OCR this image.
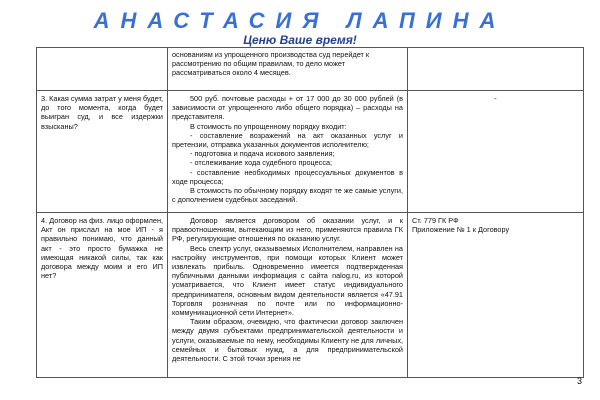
АНАСТАСИЯ ЛАПИНА
Ценю Ваше время!

основаниям из упрощенного производства суд перейдет к

рассмотрению по общим правилам, то дело может

рассматриваться около 4 месяцев.

3. Какая сумма затрат у меня будет, до того момента, когда будет выигран суд, и все издержки взысканы?

500 руб. почтовые расходы + от 17 000 до 30 000 рублей (в зависимости от упрощенного либо общего порядка) – расходы на представителя.

В стоимость по упрощенному порядку входит:

- составление возражений на акт оказанных услуг и претензии, отправка указанных документов исполнителю;

- подготовка и подача искового заявления;

- отслеживание хода судебного процесса;

- составление необходимых процессуальных документов в ходе процесса;

В стоимость по обычному порядку входят те же самые услуги, с дополнением судебных заседаний.

-
4. Договор на физ. лицо оформлен, Акт он прислал на мое ИП - я правильно понимаю, что данный акт - это просто бумажка не имеющая никакой силы, так как договора между моим и его ИП нет?

Договор является договором об оказании услуг, и к правоотношениям, вытекающим из него, применяются правила ГК РФ, регулирующие отношения по оказанию услуг.

Весь спектр услуг, оказываемых Исполнителем, направлен на настройку инструментов, при помощи которых Клиент может извлекать прибыль. Одновременно имеется подтвержденная публичными данными информация с сайта nalog.ru, из которой усматривается, что Клиент имеет статус индивидуального предпринимателя, основным видом деятельности является «47.91 Торговля розничная по почте или по информационно-коммуникационной сети Интернет».

Таким образом, очевидно, что фактически договор заключен между двумя субъектами предпринимательской деятельности и услуги, оказываемые по нему, необходимы Клиенту не для личных, семейных и бытовых нужд, а для предпринимательской деятельности. С этой точки зрения не

Ст. 779 ГК РФ

Приложение № 1 к Договору

3
